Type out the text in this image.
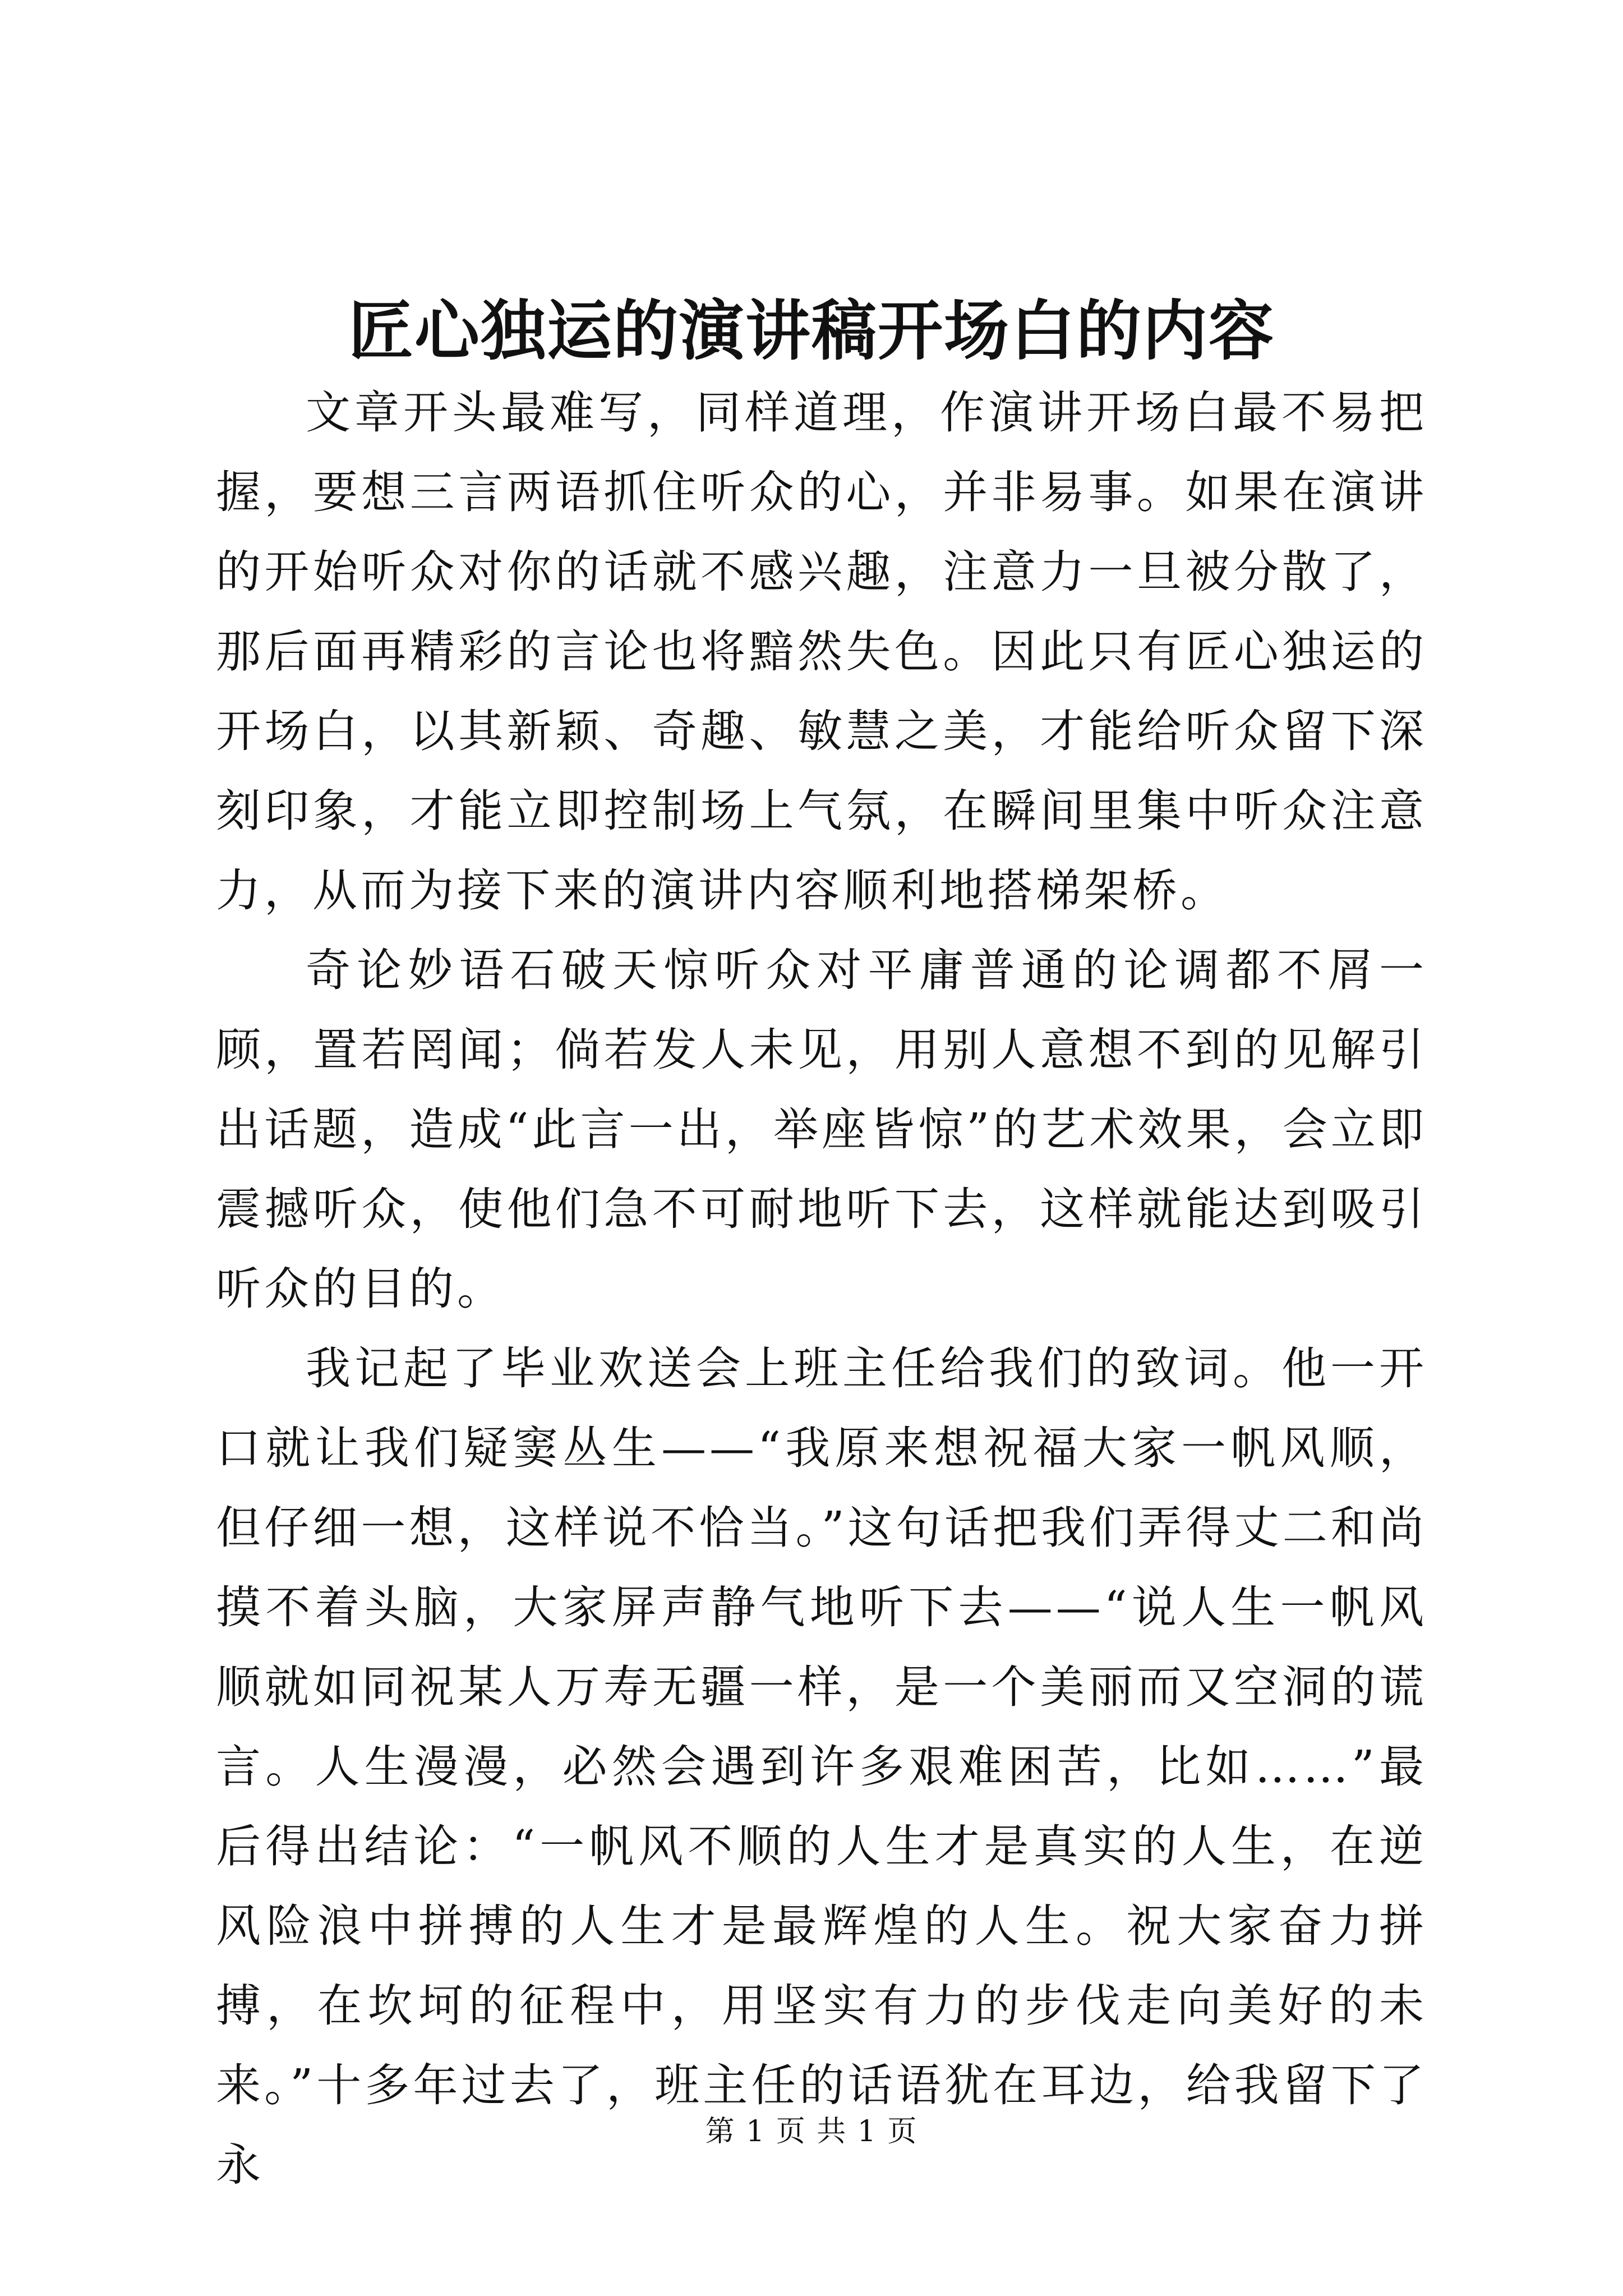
匠心独运的演讲稿开场白的内容

文章开头最难写，同样道理，作演讲开场白最不易把握，要想三言两语抓住听众的心，并非易事。如果在演讲的开始听众对你的话就不感兴趣，注意力一旦被分散了，那后面再精彩的言论也将黯然失色。因此只有匠心独运的开场白，以其新颖、奇趣、敏慧之美，才能给听众留下深刻印象，才能立即控制场上气氛，在瞬间里集中听众注意力，从而为接下来的演讲内容顺利地搭梯架桥。

奇论妙语石破天惊听众对平庸普通的论调都不屑一顾，置若罔闻；倘若发人未见，用别人意想不到的见解引出话题，造成“此言一出，举座皆惊”的艺术效果，会立即震撼听众，使他们急不可耐地听下去，这样就能达到吸引听众的目的。

我记起了毕业欢送会上班主任给我们的致词。他一开口就让我们疑窦丛生——“我原来想祝福大家一帆风顺，但仔细一想，这样说不恰当。”这句话把我们弄得丈二和尚摸不着头脑，大家屏声静气地听下去——“说人生一帆风顺就如同祝某人万寿无疆一样，是一个美丽而又空洞的谎言。人生漫漫，必然会遇到许多艰难困苦，比如……”最后得出结论：“一帆风不顺的人生才是真实的人生，在逆风险浪中拼搏的人生才是最辉煌的人生。祝大家奋力拼搏，在坎坷的征程中，用坚实有力的步伐走向美好的未来。”十多年过去了，班主任的话语犹在耳边，给我留下了永

第 1 页 共 1 页
